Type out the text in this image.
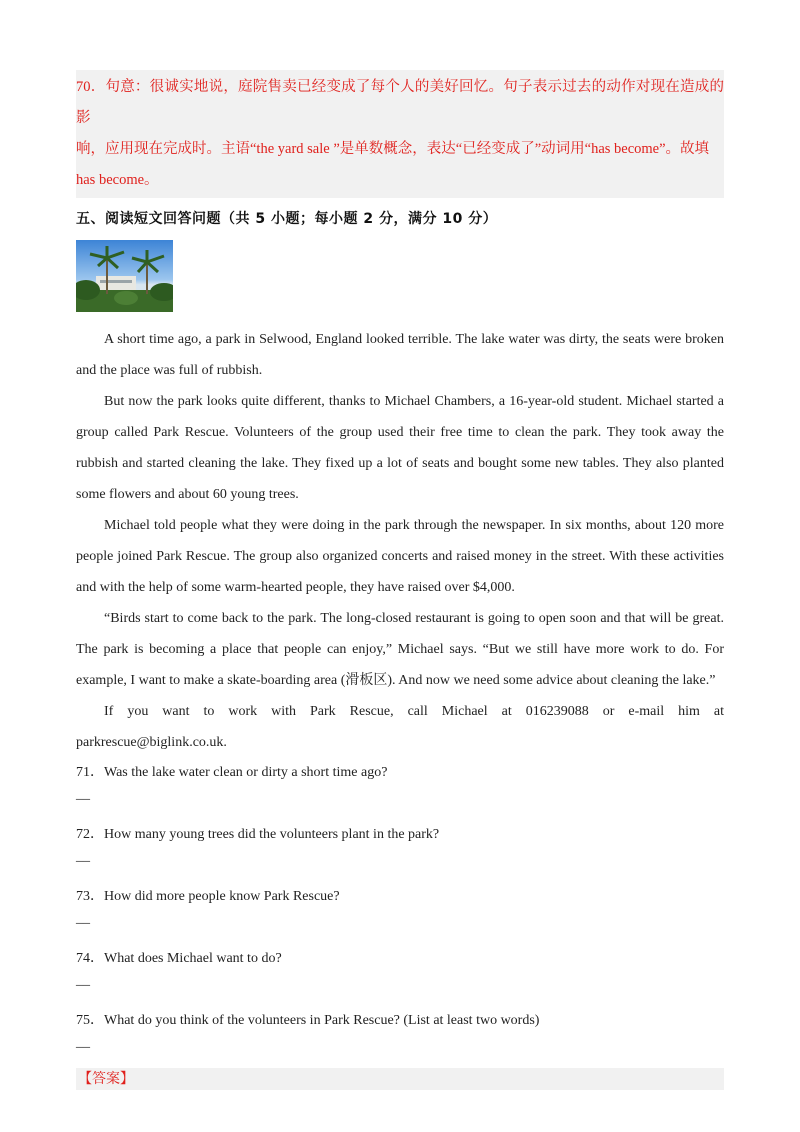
70．句意：很诚实地说，庭院售卖已经变成了每个人的美好回忆。句子表示过去的动作对现在造成的影
响，应用现在完成时。主语“the yard sale ”是单数概念，表达“已经变成了”动词用“has become”。故填
has become。
五、阅读短文回答问题（共 5 小题；每小题 2 分，满分 10 分）

A short time ago, a park in Selwood, England looked terrible. The lake water was dirty, the seats were broken and the place was full of rubbish.

But now the park looks quite different, thanks to Michael Chambers, a 16-year-old student. Michael started a group called Park Rescue. Volunteers of the group used their free time to clean the park. They took away the rubbish and started cleaning the lake. They fixed up a lot of seats and bought some new tables. They also planted some flowers and about 60 young trees.

Michael told people what they were doing in the park through the newspaper. In six months, about 120 more people joined Park Rescue. The group also organized concerts and raised money in the street. With these activities and with the help of some warm-hearted people, they have raised over $4,000.

“Birds start to come back to the park. The long-closed restaurant is going to open soon and that will be great. The park is becoming a place that people can enjoy,” Michael says. “But we still have more work to do. For example, I want to make a skate-boarding area (滑板区). And now we need some advice about cleaning the lake.”

If you want to work with Park Rescue, call Michael at 016239088 or e-mail him at

parkrescue@biglink.co.uk.

71．Was the lake water clean or dirty a short time ago?
__
72．How many young trees did the volunteers plant in the park?
__
73．How did more people know Park Rescue?
__
74．What does Michael want to do?
__
75．What do you think of the volunteers in Park Rescue? (List at least two words)
__
【答案】
